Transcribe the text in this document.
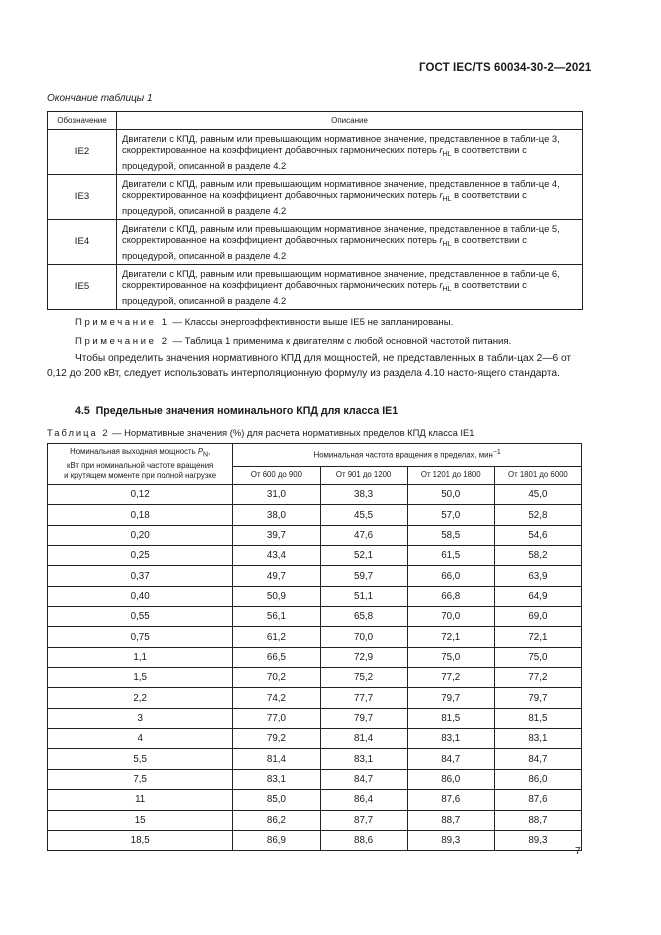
ГОСТ IEC/TS 60034-30-2—2021
Окончание таблицы 1
Обозначение	Описание
IE2	Двигатели с КПД, равным или превышающим нормативное значение, представленное в табли-це 3, скорректированное на коэффициент добавочных гармонических потерь $r_{HL}$ в соответствии с процедурой, описанной в разделе 4.2
IE3	Двигатели с КПД, равным или превышающим нормативное значение, представленное в табли-це 4, скорректированное на коэффициент добавочных гармонических потерь $r_{HL}$ в соответствии с процедурой, описанной в разделе 4.2
IE4	Двигатели с КПД, равным или превышающим нормативное значение, представленное в табли-це 5, скорректированное на коэффициент добавочных гармонических потерь $r_{HL}$ в соответствии с процедурой, описанной в разделе 4.2
IE5	Двигатели с КПД, равным или превышающим нормативное значение, представленное в табли-це 6, скорректированное на коэффициент добавочных гармонических потерь $r_{HL}$ в соответствии с процедурой, описанной в разделе 4.2
Примечание 1 — Классы энергоэффективности выше IE5 не запланированы.
Примечание 2 — Таблица 1 применима к двигателям с любой основной частотой питания.
Чтобы определить значения нормативного КПД для мощностей, не представленных в табли-цах 2—6 от 0,12 до 200 кВт, следует использовать интерполяционную формулу из раздела 4.10 насто-ящего стандарта.
4.5 Предельные значения номинального КПД для класса IE1
Таблица 2 — Нормативные значения (%) для расчета нормативных пределов КПД класса IE1
Номинальная выходная мощность $P_N$,
кВт при номинальной частоте вращения
и крутящем моменте при полной нагрузке	Номинальная частота вращения в пределах, мин$^{-1}$
	От 600 до 900	От 901 до 1200	От 1201 до 1800	От 1801 до 6000
0,12	31,0	38,3	50,0	45,0
0,18	38,0	45,5	57,0	52,8
0,20	39,7	47,6	58,5	54,6
0,25	43,4	52,1	61,5	58,2
0,37	49,7	59,7	66,0	63,9
0,40	50,9	51,1	66,8	64,9
0,55	56,1	65,8	70,0	69,0
0,75	61,2	70,0	72,1	72,1
1,1	66,5	72,9	75,0	75,0
1,5	70,2	75,2	77,2	77,2
2,2	74,2	77,7	79,7	79,7
3	77,0	79,7	81,5	81,5
4	79,2	81,4	83,1	83,1
5,5	81,4	83,1	84,7	84,7
7,5	83,1	84,7	86,0	86,0
11	85,0	86,4	87,6	87,6
15	86,2	87,7	88,7	88,7
18,5	86,9	88,6	89,3	89,3
7
